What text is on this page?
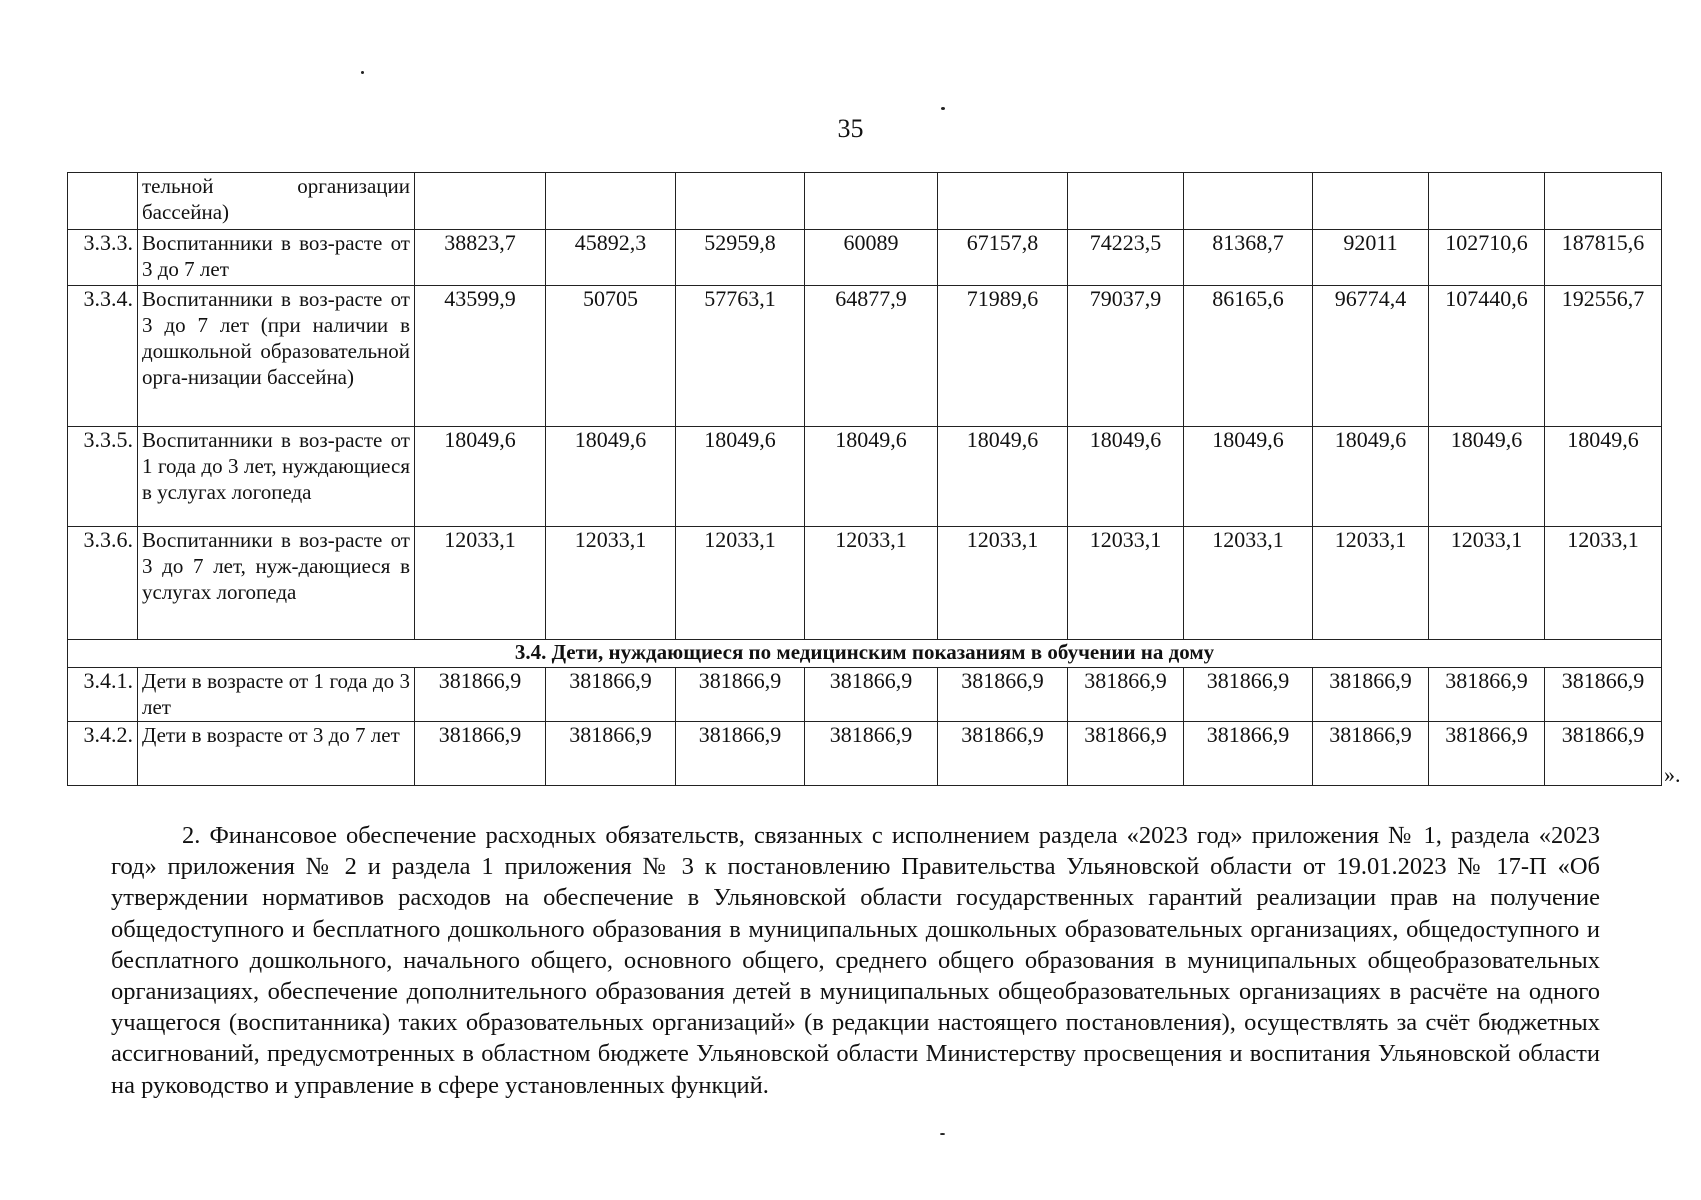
35
	тельной организации бассейна)										
3.3.3.	Воспитанники в воз-расте от 3 до 7 лет	38823,7	45892,3	52959,8	60089	67157,8	74223,5	81368,7	92011	102710,6	187815,6
3.3.4.	Воспитанники в воз-расте от 3 до 7 лет (при наличии в дошкольной образовательной орга-низации бассейна)	43599,9	50705	57763,1	64877,9	71989,6	79037,9	86165,6	96774,4	107440,6	192556,7
3.3.5.	Воспитанники в воз-расте от 1 года до 3 лет, нуждающиеся в услугах логопеда	18049,6	18049,6	18049,6	18049,6	18049,6	18049,6	18049,6	18049,6	18049,6	18049,6
3.3.6.	Воспитанники в воз-расте от 3 до 7 лет, нуж-дающиеся в услугах логопеда	12033,1	12033,1	12033,1	12033,1	12033,1	12033,1	12033,1	12033,1	12033,1	12033,1
3.4. Дети, нуждающиеся по медицинским показаниям в обучении на дому											
3.4.1.	Дети в возрасте от 1 года до 3 лет	381866,9	381866,9	381866,9	381866,9	381866,9	381866,9	381866,9	381866,9	381866,9	381866,9
3.4.2.	Дети в возрасте от 3 до 7 лет	381866,9	381866,9	381866,9	381866,9	381866,9	381866,9	381866,9	381866,9	381866,9	381866,9
».

2. Финансовое обеспечение расходных обязательств, связанных с исполнением раздела «2023 год» приложения № 1, раздела «2023 год» приложения № 2 и раздела 1 приложения № 3 к постановлению Правительства Ульяновской области от 19.01.2023 № 17-П «Об утверждении нормативов расходов на обеспечение в Ульяновской области государственных гарантий реализации прав на получение общедоступного и бесплатного дошкольного образования в муниципальных дошкольных образовательных организациях, общедоступного и бесплатного дошкольного, начального общего, основного общего, среднего общего образования в муниципальных общеобразовательных организациях, обеспечение дополнительного образования детей в муниципальных общеобразовательных организациях в расчёте на одного учащегося (воспитанника) таких образовательных организаций» (в редакции настоящего постановления), осуществлять за счёт бюджетных ассигнований, предусмотренных в областном бюджете Ульяновской области Министерству просвещения и воспитания Ульяновской области на руководство и управление в сфере установленных функций.
